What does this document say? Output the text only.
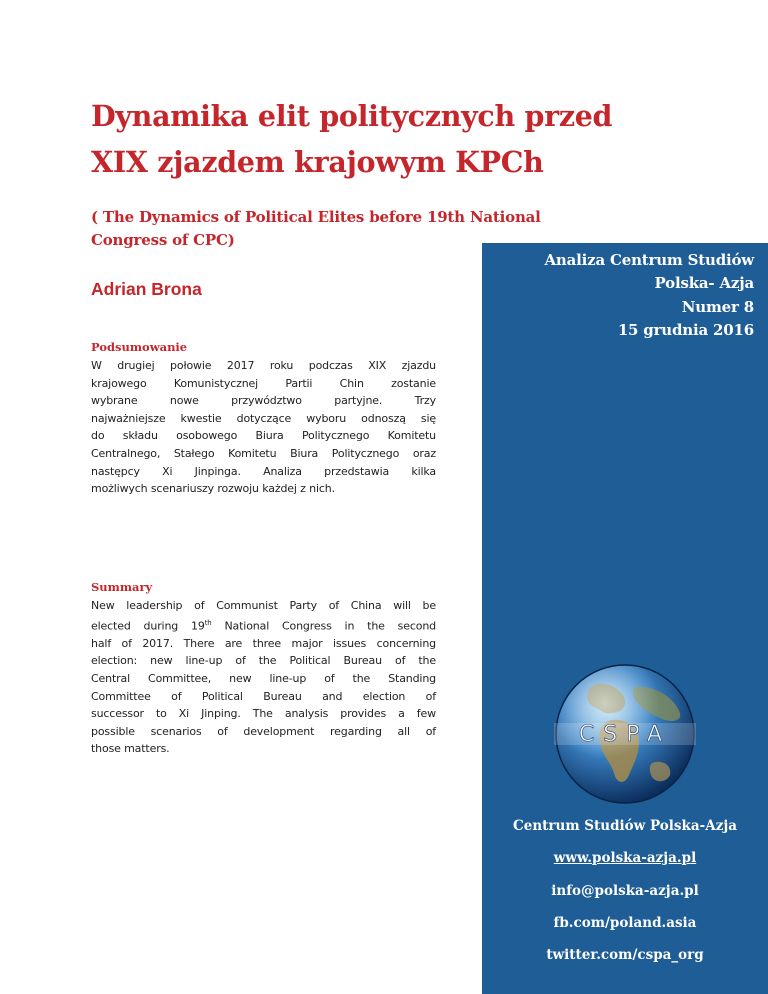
Dynamika elit politycznych przed
XIX zjazdem krajowym KPCh
( The Dynamics of Political Elites before 19th National
Congress of CPC)
Adrian Brona
Podsumowanie
W drugiej połowie 2017 roku podczas XIX zjazdu
krajowego Komunistycznej Partii Chin zostanie
wybrane nowe przywództwo partyjne. Trzy
najważniejsze kwestie dotyczące wyboru odnoszą się
do składu osobowego Biura Politycznego Komitetu
Centralnego, Stałego Komitetu Biura Politycznego oraz
następcy Xi Jinpinga. Analiza przedstawia kilka
możliwych scenariuszy rozwoju każdej z nich.
Summary
New leadership of Communist Party of China will be
elected during 19th National Congress in the second
half of 2017. There are three major issues concerning
election: new line-up of the Political Bureau of the
Central Committee, new line-up of the Standing
Committee of Political Bureau and election of
successor to Xi Jinping. The analysis provides a few
possible scenarios of development regarding all of
those matters.
Analiza Centrum Studiów
Polska- Azja
Numer 8
15 grudnia 2016
CSPA
Centrum Studiów Polska-Azja
www.polska-azja.pl
info@polska-azja.pl
fb.com/poland.asia
twitter.com/cspa_org
